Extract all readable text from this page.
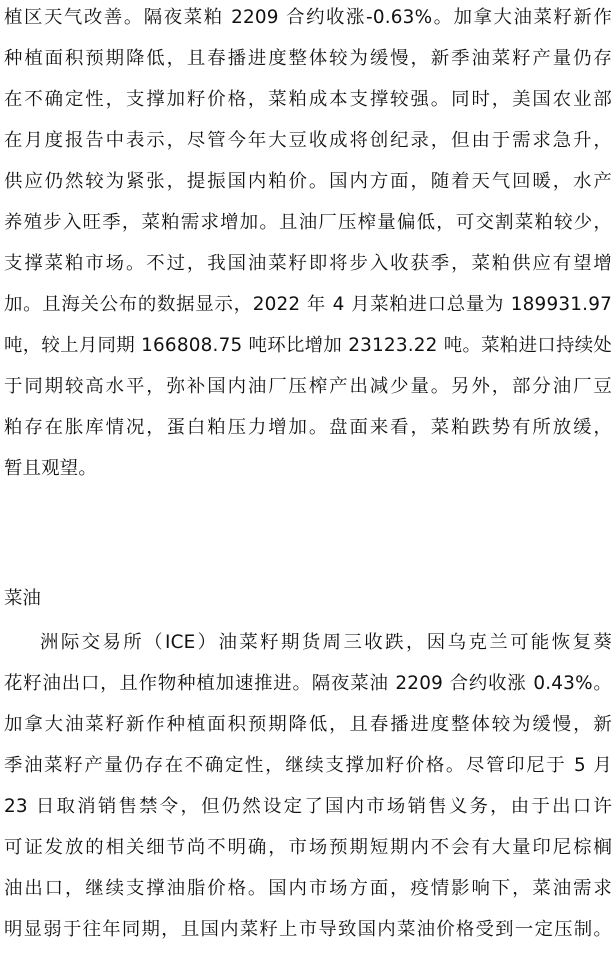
植区天气改善。隔夜菜粕 2209 合约收涨-0.63%。加拿大油菜籽新作
种植面积预期降低，且春播进度整体较为缓慢，新季油菜籽产量仍存
在不确定性，支撑加籽价格，菜粕成本支撑较强。同时，美国农业部
在月度报告中表示，尽管今年大豆收成将创纪录，但由于需求急升，
供应仍然较为紧张，提振国内粕价。国内方面，随着天气回暖，水产
养殖步入旺季，菜粕需求增加。且油厂压榨量偏低，可交割菜粕较少，
支撑菜粕市场。不过，我国油菜籽即将步入收获季，菜粕供应有望增
加。且海关公布的数据显示，2022 年 4 月菜粕进口总量为 189931.97
吨，较上月同期 166808.75 吨环比增加 23123.22 吨。菜粕进口持续处
于同期较高水平，弥补国内油厂压榨产出减少量。另外，部分油厂豆
粕存在胀库情况，蛋白粕压力增加。盘面来看，菜粕跌势有所放缓，
暂且观望。
菜油
洲际交易所（ICE）油菜籽期货周三收跌，因乌克兰可能恢复葵
花籽油出口，且作物种植加速推进。隔夜菜油 2209 合约收涨 0.43%。
加拿大油菜籽新作种植面积预期降低，且春播进度整体较为缓慢，新
季油菜籽产量仍存在不确定性，继续支撑加籽价格。尽管印尼于 5 月
23 日取消销售禁令，但仍然设定了国内市场销售义务，由于出口许
可证发放的相关细节尚不明确，市场预期短期内不会有大量印尼棕榈
油出口，继续支撑油脂价格。国内市场方面，疫情影响下，菜油需求
明显弱于往年同期，且国内菜籽上市导致国内菜油价格受到一定压制。
